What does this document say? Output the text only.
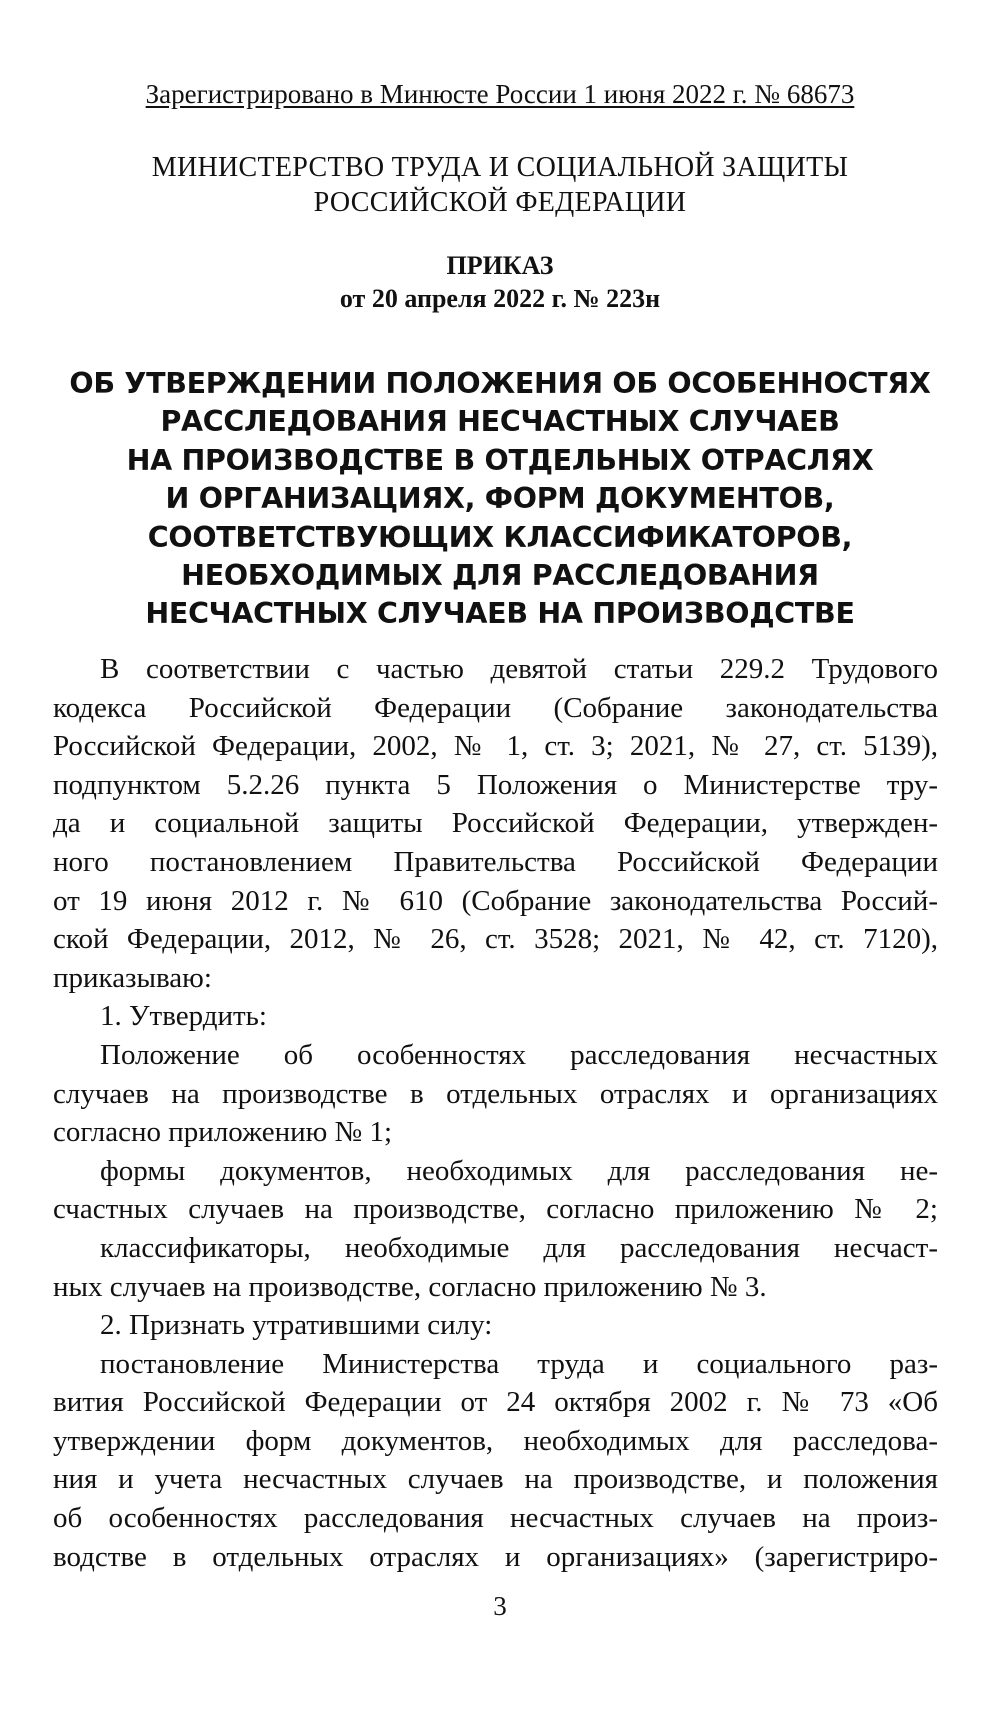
Зарегистрировано в Минюсте России 1 июня 2022 г. № 68673
МИНИСТЕРСТВО ТРУДА И СОЦИАЛЬНОЙ ЗАЩИТЫ
РОССИЙСКОЙ ФЕДЕРАЦИИ
ПРИКАЗ
от 20 апреля 2022 г. № 223н
ОБ УТВЕРЖДЕНИИ ПОЛОЖЕНИЯ ОБ ОСОБЕННОСТЯХ
РАССЛЕДОВАНИЯ НЕСЧАСТНЫХ СЛУЧАЕВ
НА ПРОИЗВОДСТВЕ В ОТДЕЛЬНЫХ ОТРАСЛЯХ
И ОРГАНИЗАЦИЯХ, ФОРМ ДОКУМЕНТОВ,
СООТВЕТСТВУЮЩИХ КЛАССИФИКАТОРОВ,
НЕОБХОДИМЫХ ДЛЯ РАССЛЕДОВАНИЯ
НЕСЧАСТНЫХ СЛУЧАЕВ НА ПРОИЗВОДСТВЕ
В соответствии с частью девятой статьи 229.2 Трудового
кодекса Российской Федерации (Собрание законодательства
Российской Федерации, 2002, № 1, ст. 3; 2021, № 27, ст. 5139),
подпунктом 5.2.26 пункта 5 Положения о Министерстве тру-
да и социальной защиты Российской Федерации, утвержден-
ного постановлением Правительства Российской Федерации
от 19 июня 2012 г. № 610 (Собрание законодательства Россий-
ской Федерации, 2012, № 26, ст. 3528; 2021, № 42, ст. 7120),
приказываю:
1. Утвердить:
Положение об особенностях расследования несчастных
случаев на производстве в отдельных отраслях и организациях
согласно приложению № 1;
формы документов, необходимых для расследования не-
счастных случаев на производстве, согласно приложению № 2;
классификаторы, необходимые для расследования несчаст-
ных случаев на производстве, согласно приложению № 3.
2. Признать утратившими силу:
постановление Министерства труда и социального раз-
вития Российской Федерации от 24 октября 2002 г. № 73 «Об
утверждении форм документов, необходимых для расследова-
ния и учета несчастных случаев на производстве, и положения
об особенностях расследования несчастных случаев на произ-
водстве в отдельных отраслях и организациях» (зарегистриро-
3
